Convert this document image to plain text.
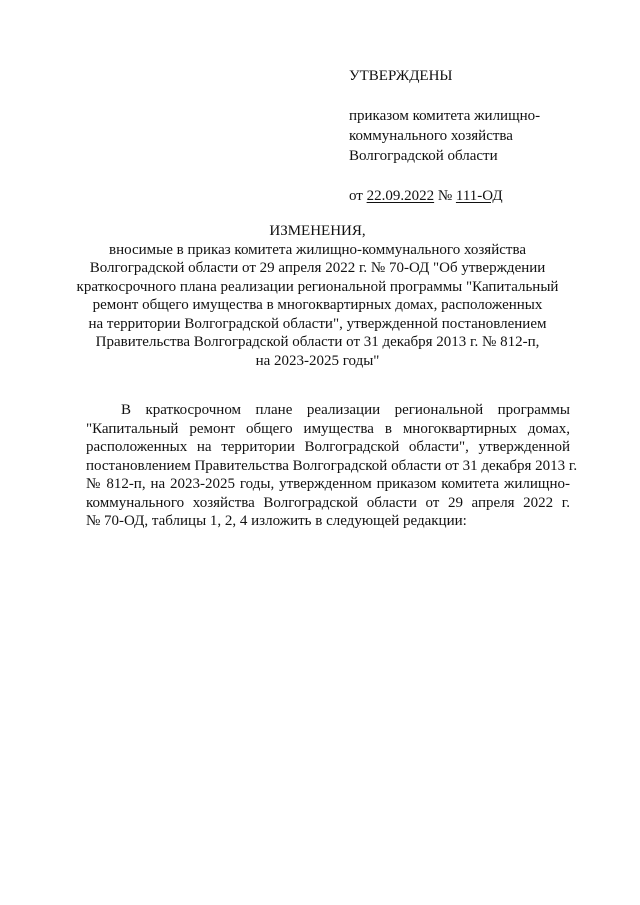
УТВЕРЖДЕНЫ
приказом комитета жилищно-
коммунального хозяйства
Волгоградской области
от 22.09.2022 № 111-ОД
ИЗМЕНЕНИЯ,
вносимые в приказ комитета жилищно-коммунального хозяйства
Волгоградской области от 29 апреля 2022 г. № 70-ОД "Об утверждении
краткосрочного плана реализации региональной программы "Капитальный
ремонт общего имущества в многоквартирных домах, расположенных
на территории Волгоградской области", утвержденной постановлением
Правительства Волгоградской области от 31 декабря 2013 г. № 812-п,
на 2023-2025 годы"
В краткосрочном плане реализации региональной программы
"Капитальный ремонт общего имущества в многоквартирных домах,
расположенных на территории Волгоградской области", утвержденной
постановлением Правительства Волгоградской области от 31 декабря 2013 г.
№ 812-п, на 2023-2025 годы, утвержденном приказом комитета жилищно-
коммунального хозяйства Волгоградской области от 29 апреля 2022 г.
№ 70-ОД, таблицы 1, 2, 4 изложить в следующей редакции:
